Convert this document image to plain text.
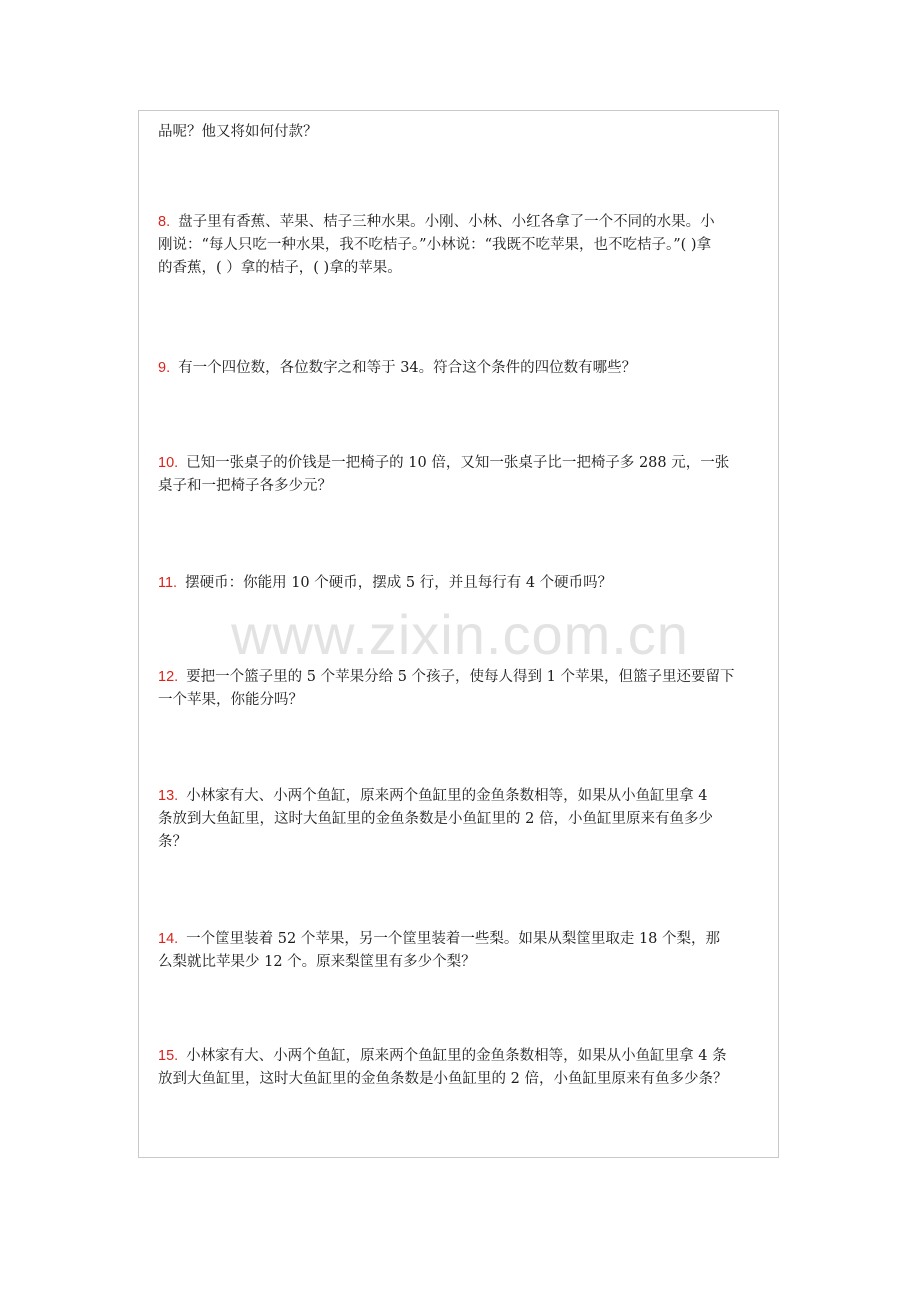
品呢？他又将如何付款？
8. 盘子里有香蕉、苹果、桔子三种水果。小刚、小林、小红各拿了一个不同的水果。小
刚说：“每人只吃一种水果，我不吃桔子。”小林说：“我既不吃苹果，也不吃桔子。”( )拿
的香蕉，( ）拿的桔子，( )拿的苹果。
9. 有一个四位数，各位数字之和等于 34。符合这个条件的四位数有哪些？
10. 已知一张桌子的价钱是一把椅子的 10 倍，又知一张桌子比一把椅子多 288 元，一张
桌子和一把椅子各多少元？
11. 摆硬币：你能用 10 个硬币，摆成 5 行，并且每行有 4 个硬币吗？
12. 要把一个篮子里的 5 个苹果分给 5 个孩子，使每人得到 1 个苹果，但篮子里还要留下
一个苹果，你能分吗？
13. 小林家有大、小两个鱼缸，原来两个鱼缸里的金鱼条数相等，如果从小鱼缸里拿 4
条放到大鱼缸里，这时大鱼缸里的金鱼条数是小鱼缸里的 2 倍，小鱼缸里原来有鱼多少
条？
14. 一个筐里装着 52 个苹果，另一个筐里装着一些梨。如果从梨筐里取走 18 个梨，那
么梨就比苹果少 12 个。原来梨筐里有多少个梨？
15. 小林家有大、小两个鱼缸，原来两个鱼缸里的金鱼条数相等，如果从小鱼缸里拿 4 条
放到大鱼缸里，这时大鱼缸里的金鱼条数是小鱼缸里的 2 倍，小鱼缸里原来有鱼多少条？
www.zixin.com.cn
